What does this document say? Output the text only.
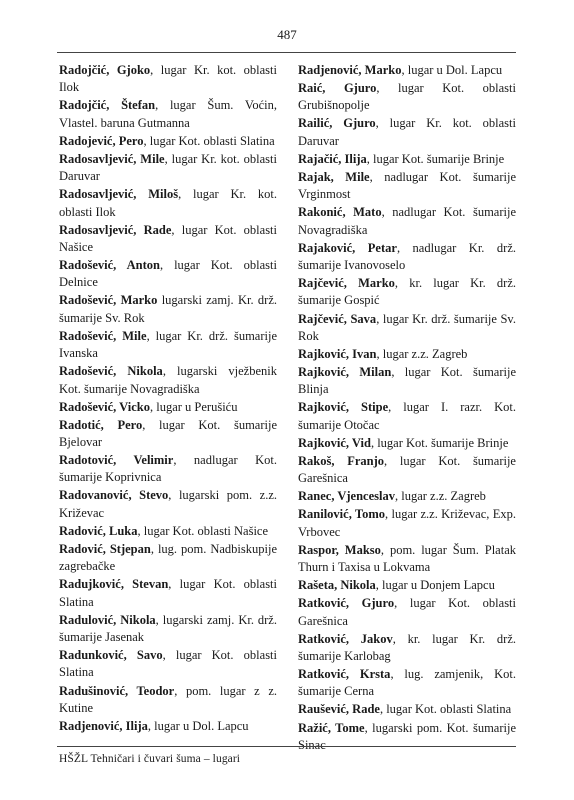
487
Radojčić, Gjoko, lugar Kr. kot. oblasti Ilok
Radojčić, Štefan, lugar Šum. Voćin, Vlastel. baruna Gutmanna
Radojević, Pero, lugar Kot. oblasti Slatina
Radosavljević, Mile, lugar Kr. kot. oblasti Daruvar
Radosavljević, Miloš, lugar Kr. kot. oblasti Ilok
Radosavljević, Rade, lugar Kot. oblasti Našice
Radošević, Anton, lugar Kot. oblasti Delnice
Radošević, Marko lugarski zamj. Kr. drž. šumarije Sv. Rok
Radošević, Mile, lugar Kr. drž. šumarije Ivanska
Radošević, Nikola, lugarski vježbenik Kot. šumarije Novagradiška
Radošević, Vicko, lugar u Perušiću
Radotić, Pero, lugar Kot. šumarije Bjelovar
Radotović, Velimir, nadlugar Kot. šumarije Koprivnica
Radovanović, Stevo, lugarski pom. z.z. Križevac
Radović, Luka, lugar Kot. oblasti Našice
Radović, Stjepan, lug. pom. Nadbiskupije zagrebačke
Radujković, Stevan, lugar Kot. oblasti Slatina
Radulović, Nikola, lugarski zamj. Kr. drž. šumarije Jasenak
Radunković, Savo, lugar Kot. oblasti Slatina
Radušinović, Teodor, pom. lugar z z. Kutine
Radjenović, Ilija, lugar u Dol. Lapcu
Radjenović, Marko, lugar u Dol. Lapcu
Raić, Gjuro, lugar Kot. oblasti Grubišnopolje
Railić, Gjuro, lugar Kr. kot. oblasti Daruvar
Rajačić, Ilija, lugar Kot. šumarije Brinje
Rajak, Mile, nadlugar Kot. šumarije Vrginmost
Rakonić, Mato, nadlugar Kot. šumarije Novagradiška
Rajaković, Petar, nadlugar Kr. drž. šumarije Ivanovoselo
Rajčević, Marko, kr. lugar Kr. drž. šumarije Gospić
Rajčević, Sava, lugar Kr. drž. šumarije Sv. Rok
Rajković, Ivan, lugar z.z. Zagreb
Rajković, Milan, lugar Kot. šumarije Blinja
Rajković, Stipe, lugar I. razr. Kot. šumarije Otočac
Rajković, Vid, lugar Kot. šumarije Brinje
Rakoš, Franjo, lugar Kot. šumarije Garešnica
Ranec, Vjenceslav, lugar z.z. Zagreb
Ranilović, Tomo, lugar z.z. Križevac, Exp. Vrbovec
Raspor, Makso, pom. lugar Šum. Platak Thurn i Taxisa u Lokvama
Rašeta, Nikola, lugar u Donjem Lapcu
Ratković, Gjuro, lugar Kot. oblasti Garešnica
Ratković, Jakov, kr. lugar Kr. drž. šumarije Karlobag
Ratković, Krsta, lug. zamjenik, Kot. šumarije Cerna
Raušević, Rade, lugar Kot. oblasti Slatina
Ražić, Tome, lugarski pom. Kot. šumarije Sinac
HŠŽL Tehničari i čuvari šuma – lugari
